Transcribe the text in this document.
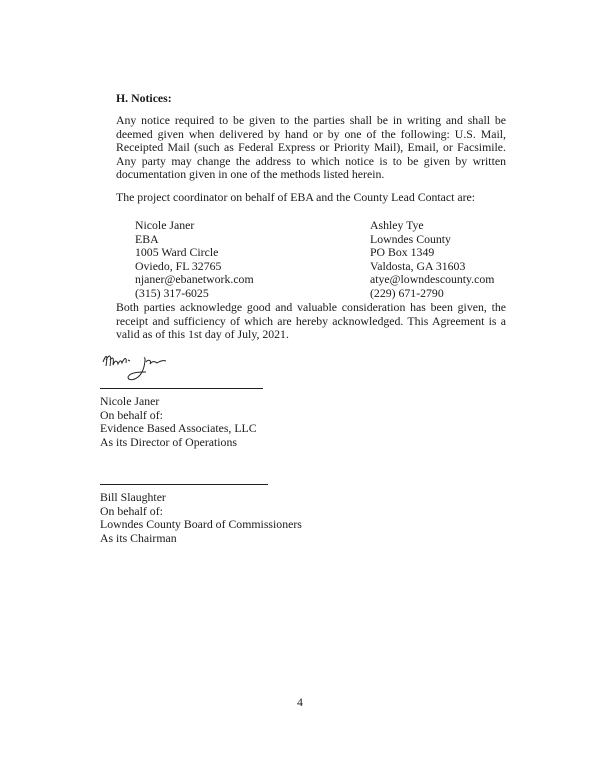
H. Notices:
Any notice required to be given to the parties shall be in writing and shall be
deemed given when delivered by hand or by one of the following: U.S. Mail,
Receipted Mail (such as Federal Express or Priority Mail), Email, or Facsimile.
Any party may change the address to which notice is to be given by written
documentation given in one of the methods listed herein.
The project coordinator on behalf of EBA and the County Lead Contact are:
Nicole Janer
EBA
1005 Ward Circle
Oviedo, FL 32765
njaner@ebanetwork.com
(315) 317-6025
Ashley Tye
Lowndes County
PO Box 1349
Valdosta, GA 31603
atye@lowndescounty.com
(229) 671-2790
Both parties acknowledge good and valuable consideration has been given, the
receipt and sufficiency of which are hereby acknowledged. This Agreement is a
valid as of this 1st day of July, 2021.
Nicole Janer
On behalf of:
Evidence Based Associates, LLC
As its Director of Operations
Bill Slaughter
On behalf of:
Lowndes County Board of Commissioners
As its Chairman
4
